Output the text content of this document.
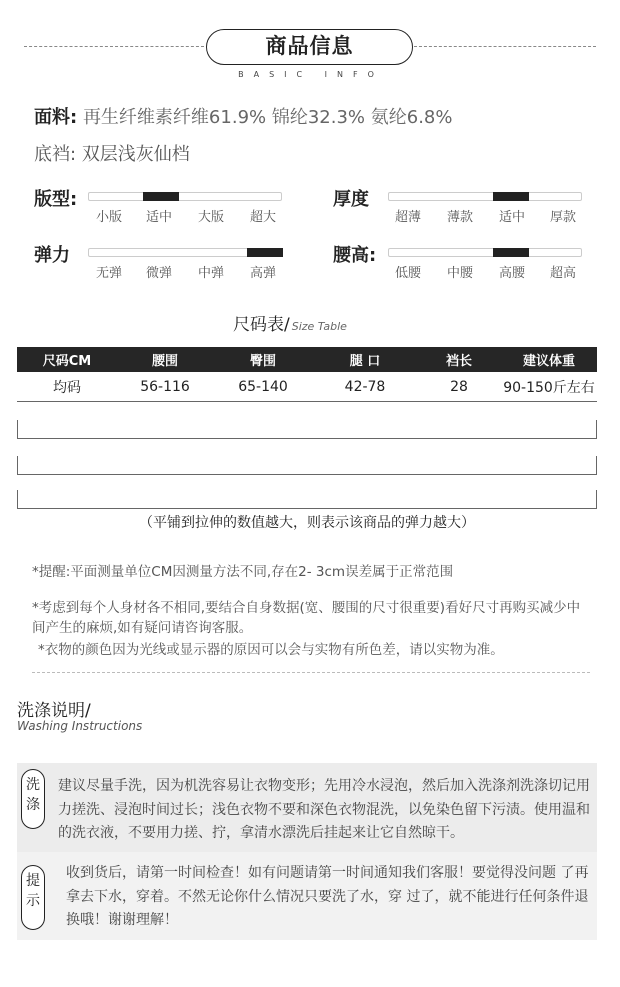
商品信息
BASIC INFO
面料: 再生纤维素纤维61.9% 锦纶32.3% 氨纶6.8%
底裆: 双层浅灰仙档
版型:
小版	适中	大版	超大
厚度
超薄	薄款	适中	厚款
弹力
无弹	微弹	中弹	高弹
腰高:
低腰	中腰	高腰	超高
尺码表/ Size Table
尺码CM	腰围	臀围	腿 口	裆长	建议体重
均码	56-116	65-140	42-78	28	90-150斤左右
（平铺到拉伸的数值越大，则表示该商品的弹力越大）
*提醒:平面测量单位CM因测量方法不同,存在2- 3cm误差属于正常范围
*考虑到每个人身材各不相同,要结合自身数据(宽、腰围的尺寸很重要)看好尺寸再购买减少中间产生的麻烦,如有疑问请咨询客服。
*衣物的颜色因为光线或显示器的原因可以会与实物有所色差，请以实物为准。
洗涤说明/
Washing Instructions
洗涤
建议尽量手洗，因为机洗容易让衣物变形；先用冷水浸泡，然后加入洗涤剂洗涤切记用力搓洗、浸泡时间过长；浅色衣物不要和深色衣物混洗，以免染色留下污渍。使用温和的洗衣液，不要用力搓、拧，拿清水漂洗后挂起来让它自然晾干。
提示
收到货后，请第一时间检查！如有问题请第一时间通知我们客服！要觉得没问题 了再拿去下水，穿着。不然无论你什么情况只要洗了水，穿 过了，就不能进行任何条件退换哦！谢谢理解！
